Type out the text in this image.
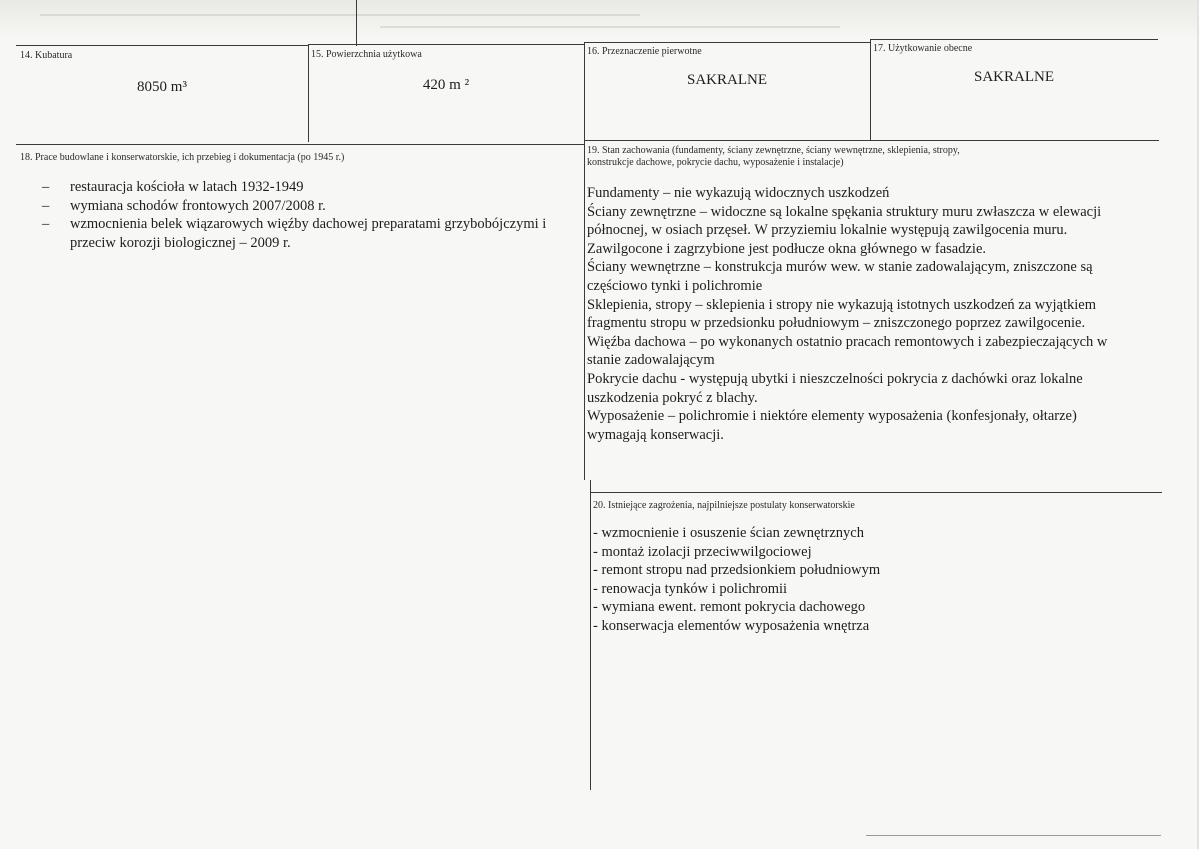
14. Kubatura
8050 m³
15. Powierzchnia użytkowa
420 m ²
16. Przeznaczenie pierwotne
SAKRALNE
17. Użytkowanie obecne
SAKRALNE
18. Prace budowlane i konserwatorskie, ich przebieg i dokumentacja (po 1945 r.)
– restauracja kościoła w latach 1932-1949
– wymiana schodów frontowych 2007/2008 r.
– wzmocnienia belek wiązarowych więźby dachowej preparatami grzybobójczymi i przeciw korozji biologicznej – 2009 r.
19. Stan zachowania (fundamenty, ściany zewnętrzne, ściany wewnętrzne, sklepienia, stropy,
konstrukcje dachowe, pokrycie dachu, wyposażenie i instalacje)
Fundamenty – nie wykazują widocznych uszkodzeń
Ściany zewnętrzne – widoczne są lokalne spękania struktury muru zwłaszcza w elewacji
północnej, w osiach przęseł. W przyziemiu lokalnie występują zawilgocenia muru.
Zawilgocone i zagrzybione jest podłucze okna głównego w fasadzie.
Ściany wewnętrzne – konstrukcja murów wew. w stanie zadowalającym, zniszczone są
częściowo tynki i polichromie
Sklepienia, stropy – sklepienia i stropy nie wykazują istotnych uszkodzeń za wyjątkiem
fragmentu stropu w przedsionku południowym – zniszczonego poprzez zawilgocenie.
Więźba dachowa – po wykonanych ostatnio pracach remontowych i zabezpieczających w
stanie zadowalającym
Pokrycie dachu - występują ubytki i nieszczelności pokrycia z dachówki oraz lokalne
uszkodzenia pokryć z blachy.
Wyposażenie – polichromie i niektóre elementy wyposażenia (konfesjonały, ołtarze)
wymagają konserwacji.
20. Istniejące zagrożenia, najpilniejsze postulaty konserwatorskie
- wzmocnienie i osuszenie ścian zewnętrznych
- montaż izolacji przeciwwilgociowej
- remont stropu nad przedsionkiem południowym
- renowacja tynków i polichromii
- wymiana ewent. remont pokrycia dachowego
- konserwacja elementów wyposażenia wnętrza
